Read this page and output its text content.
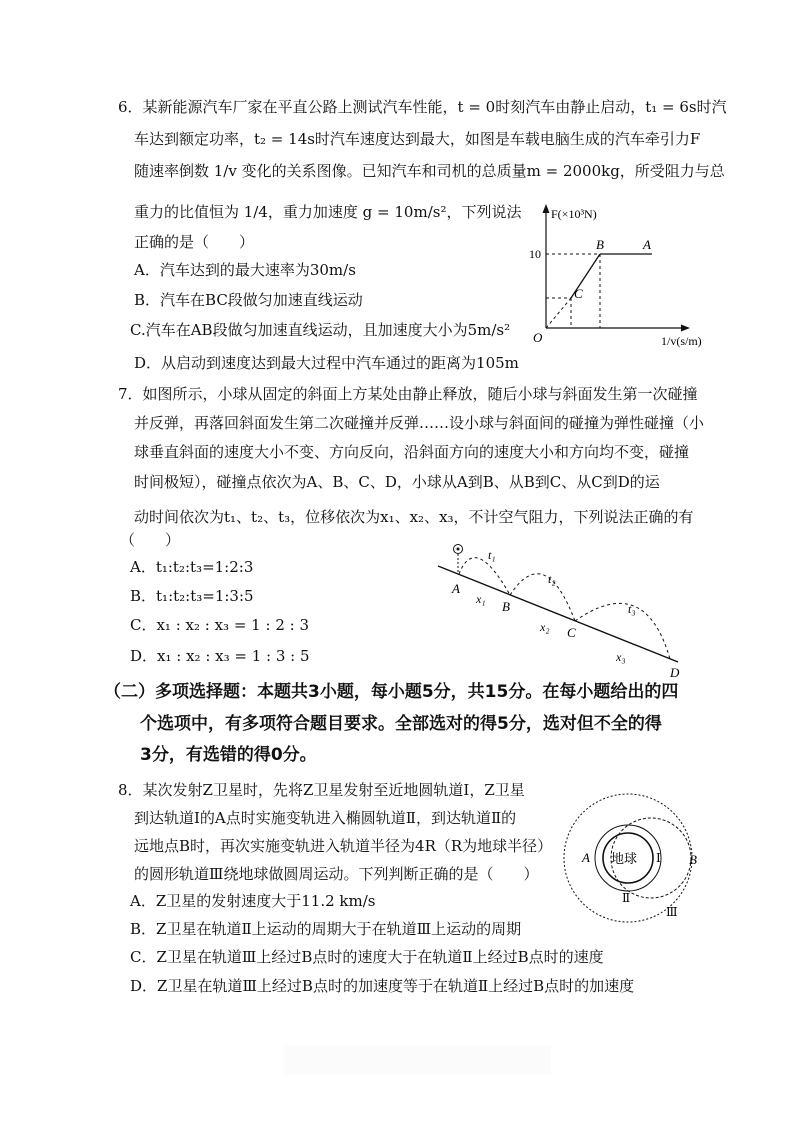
6．某新能源汽车厂家在平直公路上测试汽车性能，t = 0时刻汽车由静止启动，t₁ = 6s时汽
车达到额定功率，t₂ = 14s时汽车速度达到最大，如图是车载电脑生成的汽车牵引力F
随速率倒数 1/v 变化的关系图像。已知汽车和司机的总质量m = 2000kg，所受阻力与总
重力的比值恒为 1/4，重力加速度 g = 10m/s²，下列说法
正确的是（　　）
A．汽车达到的最大速率为30m/s
B．汽车在BC段做匀加速直线运动
C.汽车在AB段做匀加速直线运动，且加速度大小为5m/s²
D．从启动到速度达到最大过程中汽车通过的距离为105m
F(×10³N)
10
O
B	A
C
1/v(s/m)
7．如图所示，小球从固定的斜面上方某处由静止释放，随后小球与斜面发生第一次碰撞
并反弹，再落回斜面发生第二次碰撞并反弹……设小球与斜面间的碰撞为弹性碰撞（小
球垂直斜面的速度大小不变、方向反向，沿斜面方向的速度大小和方向均不变，碰撞
时间极短），碰撞点依次为A、B、C、D，小球从A到B、从B到C、从C到D的运
动时间依次为t₁、t₂、t₃，位移依次为x₁、x₂、x₃，不计空气阻力，下列说法正确的有
（　　）
A．t₁:t₂:t₃=1:2:3
B．t₁:t₂:t₃=1:3:5
C．x₁ : x₂ : x₃ = 1 : 2 : 3
D．x₁ : x₂ : x₃ = 1 : 3 : 5
A
B
C
D
t₁
t₂
t₃
x₁
x₂
x₃
（二）多项选择题：本题共3小题，每小题5分，共15分。在每小题给出的四
个选项中，有多项符合题目要求。全部选对的得5分，选对但不全的得
3分，有选错的得0分。
8．某次发射Z卫星时，先将Z卫星发射至近地圆轨道Ⅰ，Z卫星
到达轨道Ⅰ的A点时实施变轨进入椭圆轨道Ⅱ，到达轨道Ⅱ的
远地点B时，再次实施变轨进入轨道半径为4R（R为地球半径）
的圆形轨道Ⅲ绕地球做圆周运动。下列判断正确的是（　　）
A．Z卫星的发射速度大于11.2 km/s
B．Z卫星在轨道Ⅱ上运动的周期大于在轨道Ⅲ上运动的周期
C．Z卫星在轨道Ⅲ上经过B点时的速度大于在轨道Ⅱ上经过B点时的速度
D．Z卫星在轨道Ⅲ上经过B点时的加速度等于在轨道Ⅱ上经过B点时的加速度
地球
A	B
Ⅰ
Ⅱ
Ⅲ
